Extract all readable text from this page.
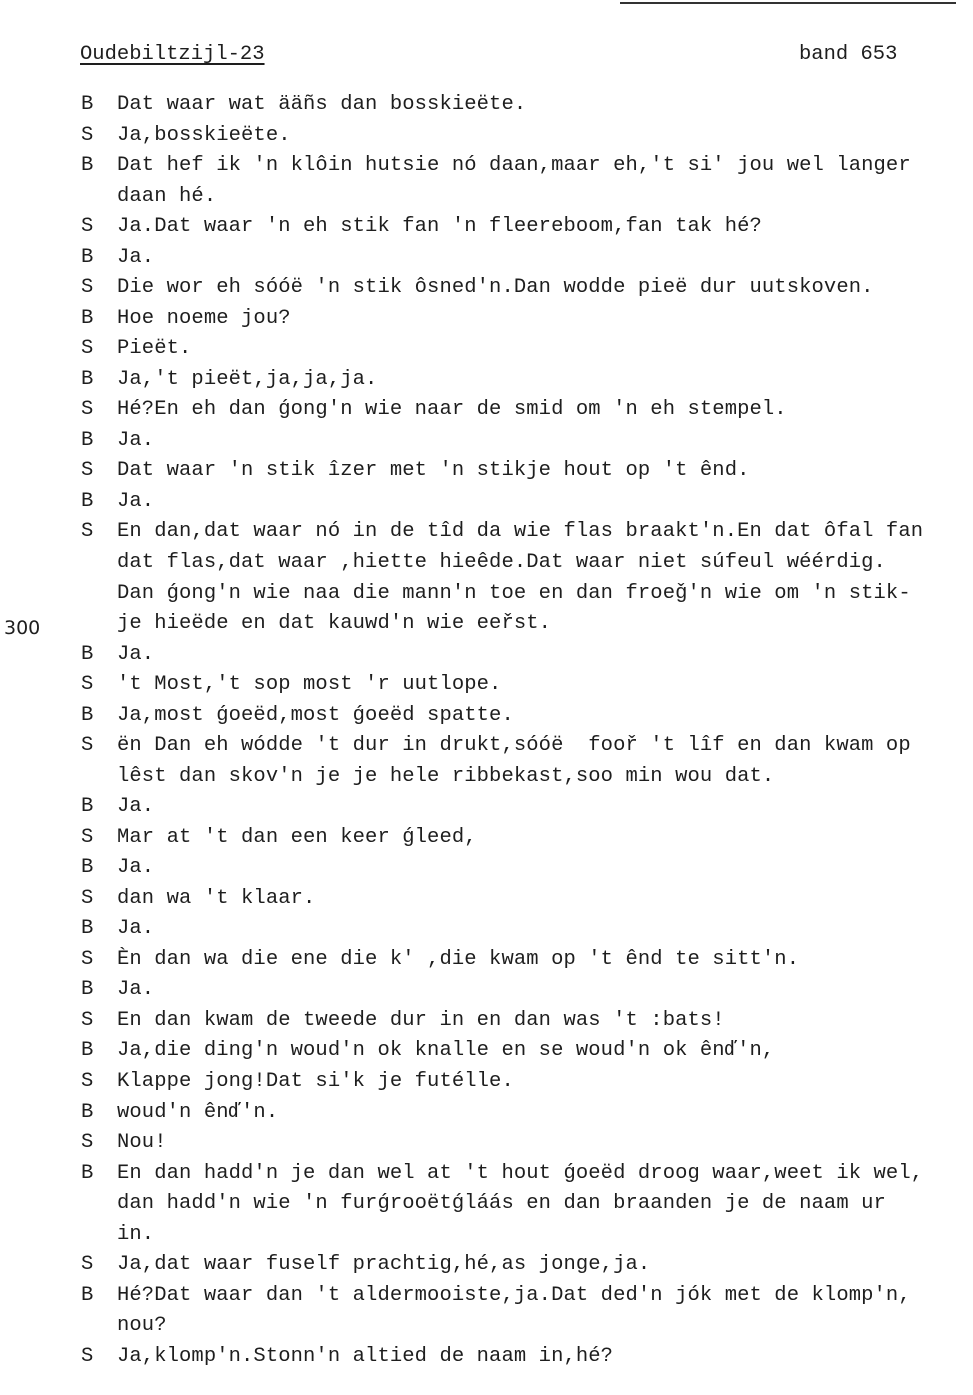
Oudebiltzijl-23	band 653
300
B	Dat waar wat ääñs dan bosskieëte.
S	Ja,bosskieëte.
B	Dat hef ik 'n klôin hutsie nó daan,maar eh,'t si' jou wel langer
daan hé.
S	Ja.Dat waar 'n eh stik fan 'n fleereboom,fan tak hé?
B	Ja.
S	Die wor eh sóóë 'n stik ôsned'n.Dan wodde pieë dur uutskoven.
B	Hoe noeme jou?
S	Pieët.
B	Ja,'t pieët,ja,ja,ja.
S	Hé?En eh dan ǵong'n wie naar de smid om 'n eh stempel.
B	Ja.
S	Dat waar 'n stik îzer met 'n stikje hout op 't ênd.
B	Ja.
S	En dan,dat waar nó in de tîd da wie flas braakt'n.En dat ôfal fan
dat flas,dat waar ,hiette hieêde.Dat waar niet súfeul wéérdig.
Dan ǵong'n wie naa die mann'n toe en dan froeǧ'n wie om 'n stik-
je hieëde en dat kauwd'n wie eeřst.
B	Ja.
S	't Most,'t sop most 'r uutlope.
B	Ja,most ǵoeëd,most ǵoeëd spatte.
S	ën Dan eh wódde 't dur in drukt,sóóë  fooř 't lîf en dan kwam op
lêst dan skov'n je je hele ribbekast,soo min wou dat.
B	Ja.
S	Mar at 't dan een keer ǵleed,
B	Ja.
S	dan wa 't klaar.
B	Ja.
S	Èn dan wa die ene die k' ,die kwam op 't ênd te sitt'n.
B	Ja.
S	En dan kwam de tweede dur in en dan was 't :bats!
B	Ja,die ding'n woud'n ok knalle en se woud'n ok ênď'n,
S	Klappe jong!Dat si'k je futélle.
B	woud'n ênď'n.
S	Nou!
B	En dan hadd'n je dan wel at 't hout ǵoeëd droog waar,weet ik wel,
dan hadd'n wie 'n furǵrooëtǵláás en dan braanden je de naam ur
in.
S	Ja,dat waar fuself prachtig,hé,as jonge,ja.
B	Hé?Dat waar dan 't aldermooiste,ja.Dat ded'n jók met de klomp'n,
nou?
S	Ja,klomp'n.Stonn'n altied de naam in,hé?
